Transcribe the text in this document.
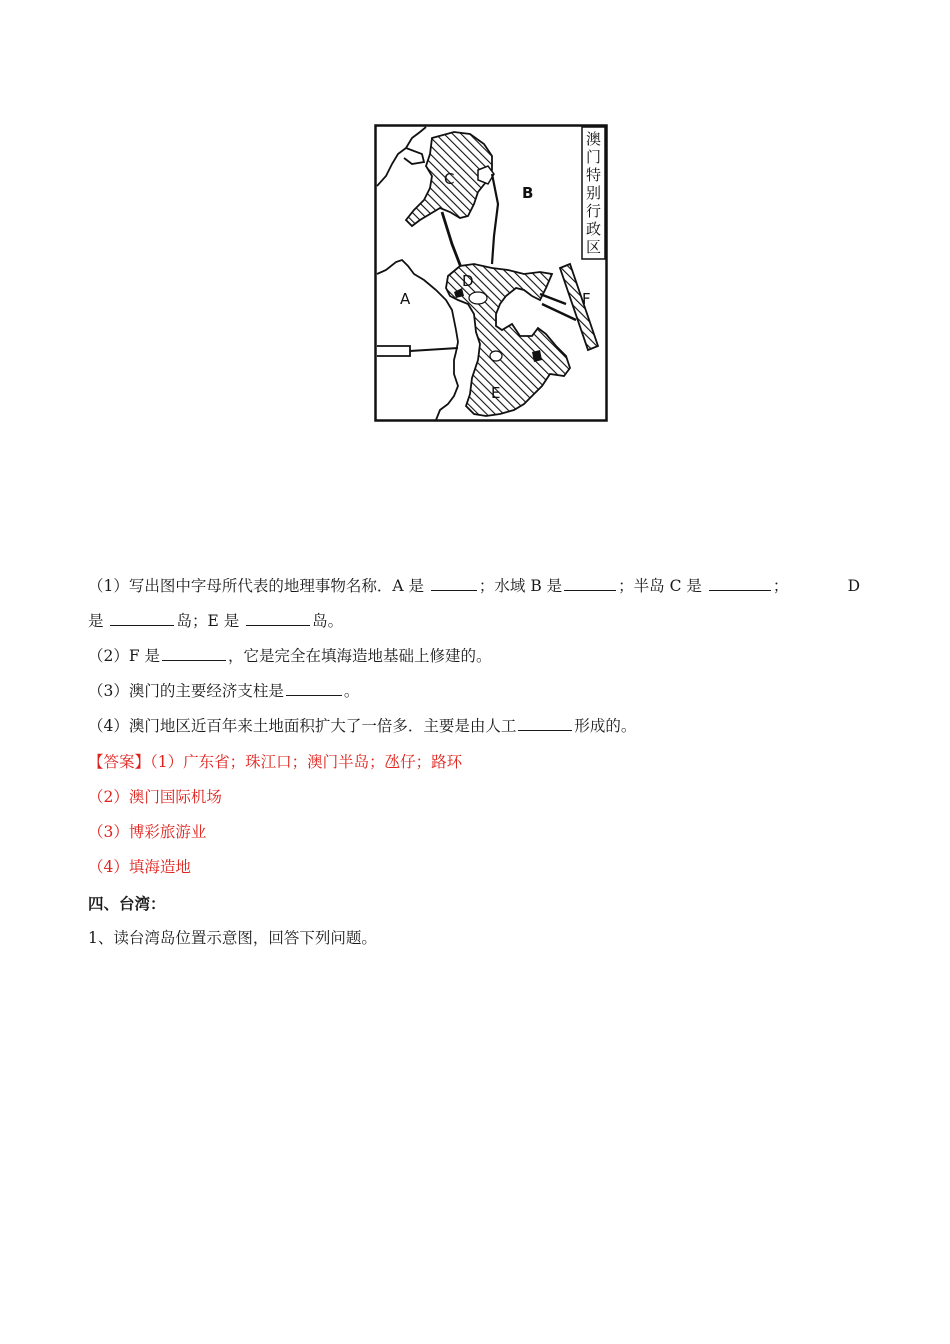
澳
门
特
别
行
政
区
C
B
D
A	F
E
（1）写出图中字母所代表的地理事物名称．A 是	；水域 B 是	；半岛 C 是	；	D
是	岛；E 是	岛。
（2）F 是	，它是完全在填海造地基础上修建的。
（3）澳门的主要经济支柱是	。
（4）澳门地区近百年来土地面积扩大了一倍多．主要是由人工	形成的。
【答案】（1）广东省；珠江口；澳门半岛；氹仔；路环
（2）澳门国际机场
（3）博彩旅游业
（4）填海造地
四、台湾：
1、读台湾岛位置示意图，回答下列问题。
